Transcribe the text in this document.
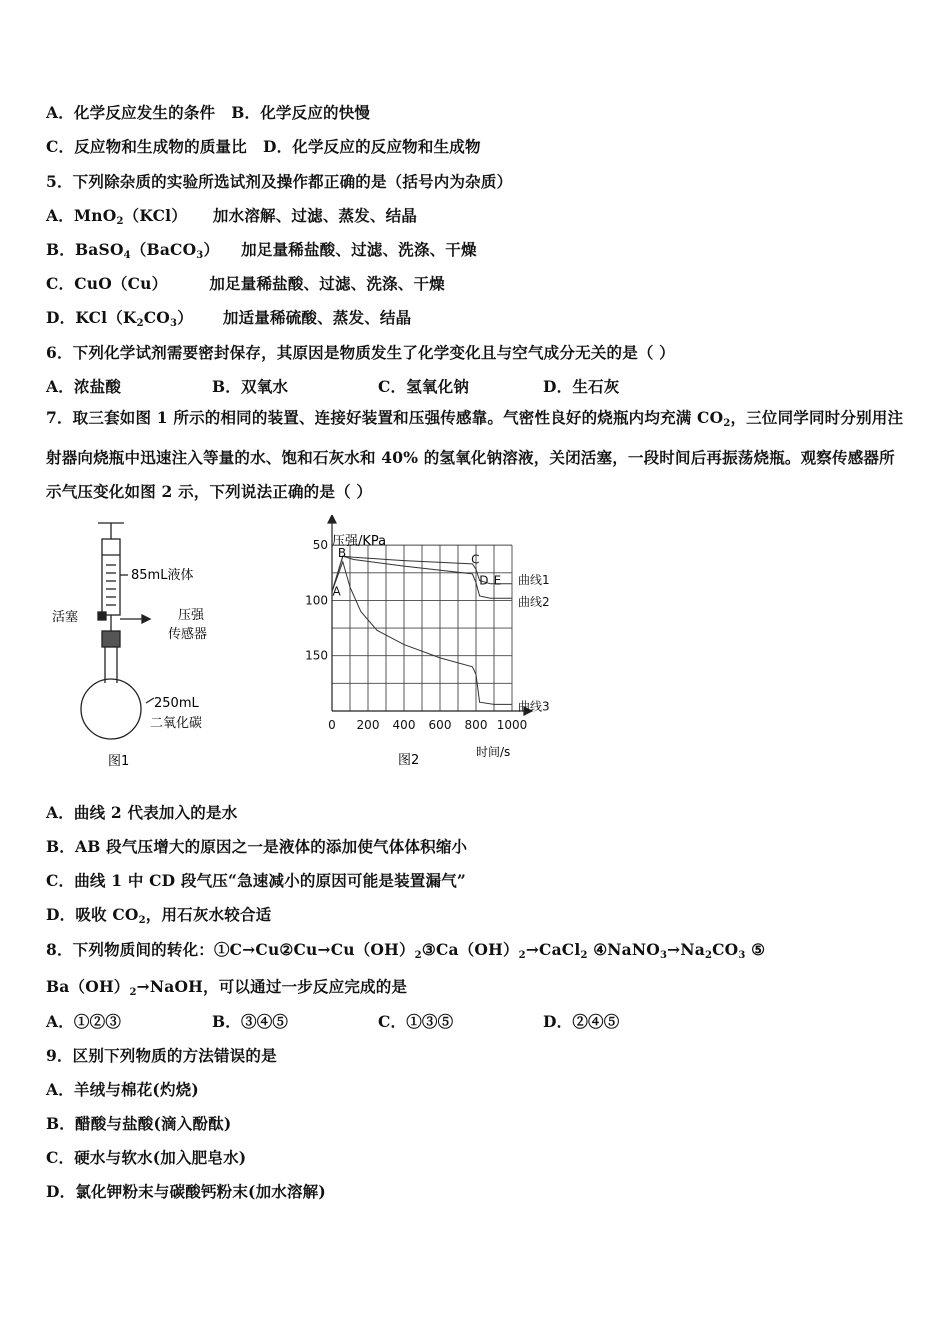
A．化学反应发生的条件 B．化学反应的快慢
C．反应物和生成物的质量比 D．化学反应的反应物和生成物
5．下列除杂质的实验所选试剂及操作都正确的是（括号内为杂质）
A．MnO$_2$（KCl） 加水溶解、过滤、蒸发、结晶
B．BaSO$_4$（BaCO$_3$） 加足量稀盐酸、过滤、洗涤、干燥
C．CuO（Cu）	加足量稀盐酸、过滤、洗涤、干燥
D．$KCl(K_2CO_3)$ 加适量稀硫酸、蒸发、结晶
6．下列化学试剂需要密封保存，其原因是物质发生了化学变化且与空气成分无关的是（ ）
A．浓盐酸	B．双氧水	C．氢氧化钠	D．生石灰
7．取三套如图 1 所示的相同的装置、连接好装置和压强传感靠。气密性良好的烧瓶内均充满 $CO_2$，三位同学同时分别用注射器向烧瓶中迅速注入等量的水、饱和石灰水和 40% 的氢氧化钠溶液，关闭活塞，一段时间后再振荡烧瓶。观察传感器所示气压变化如图 2 示，下列说法正确的是（ ）
85mL液体
活塞	压强
传感器
250mL
二氧化碳
图1
150
100
50
0 200 400 600 800 1000
曲线1
曲线2
曲线3
A
B	C
D E
压强/KPa
时间/s
图2
A．曲线 2 代表加入的是水
B．AB 段气压增大的原因之一是液体的添加使气体体积缩小
C．曲线 1 中 CD 段气压“急速减小的原因可能是装置漏气”
D．吸收 $CO_2$，用石灰水较合适
8．下列物质间的转化：$①C\to Cu②Cu\to Cu(OH)_2③Ca(OH)_2\to CaCl_2$ $④NaNO_3\to Na_2CO_3$ ⑤
$Ba(OH)_2\to NaOH$，可以通过一步反应完成的是
A．①②③	B．③④⑤	C．①③⑤	D．②④⑤
9．区别下列物质的方法错误的是
A．羊绒与棉花(灼烧)
B．醋酸与盐酸(滴入酚酞)
C．硬水与软水(加入肥皂水)
D．氯化钾粉末与碳酸钙粉末(加水溶解)
